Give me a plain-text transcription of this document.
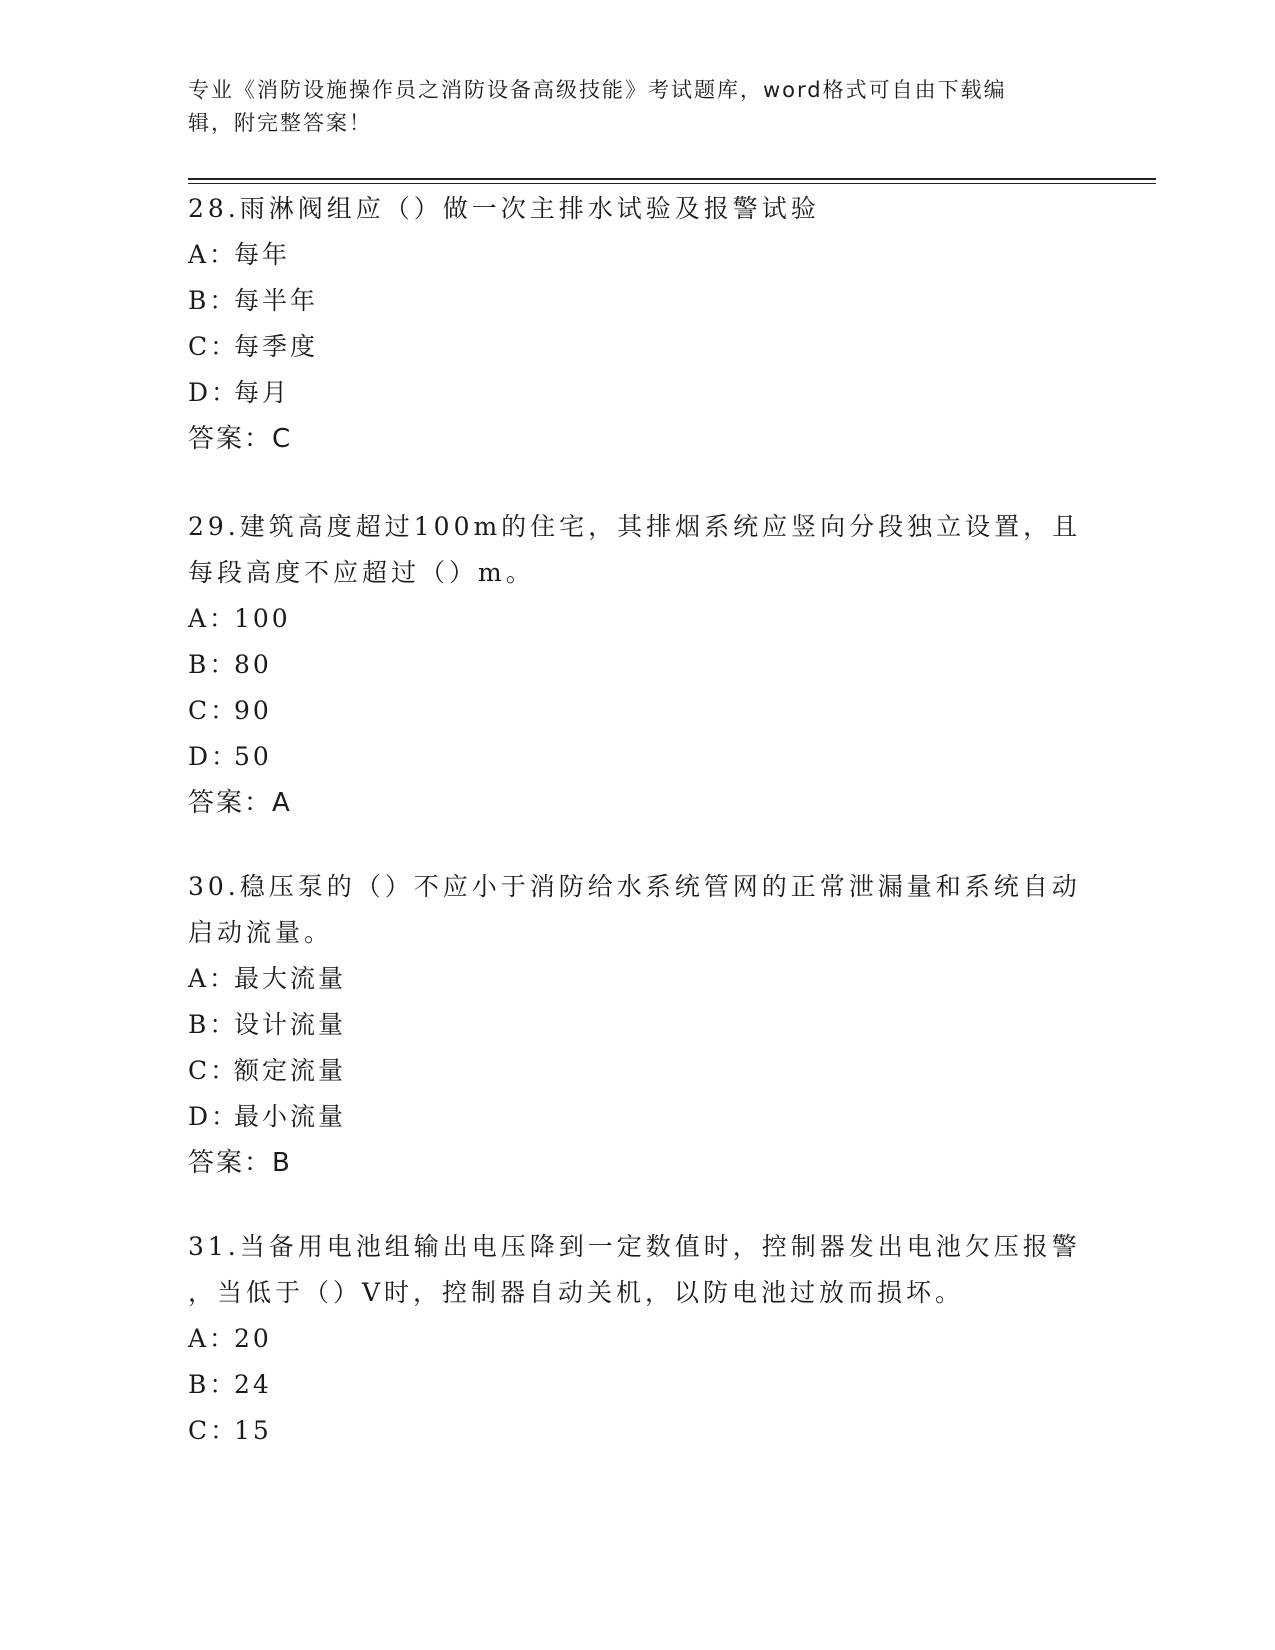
专业《消防设施操作员之消防设备高级技能》考试题库，word格式可自由下载编
辑，附完整答案！

28.雨淋阀组应（）做一次主排水试验及报警试验

A：每年

B：每半年

C：每季度

D：每月

答案：C

29.建筑高度超过100m的住宅，其排烟系统应竖向分段独立设置，且

每段高度不应超过（）m。

A：100

B：80

C：90

D：50

答案：A

30.稳压泵的（）不应小于消防给水系统管网的正常泄漏量和系统自动

启动流量。

A：最大流量

B：设计流量

C：额定流量

D：最小流量

答案：B

31.当备用电池组输出电压降到一定数值时，控制器发出电池欠压报警

，当低于（）V时，控制器自动关机，以防电池过放而损坏。

A：20

B：24

C：15
